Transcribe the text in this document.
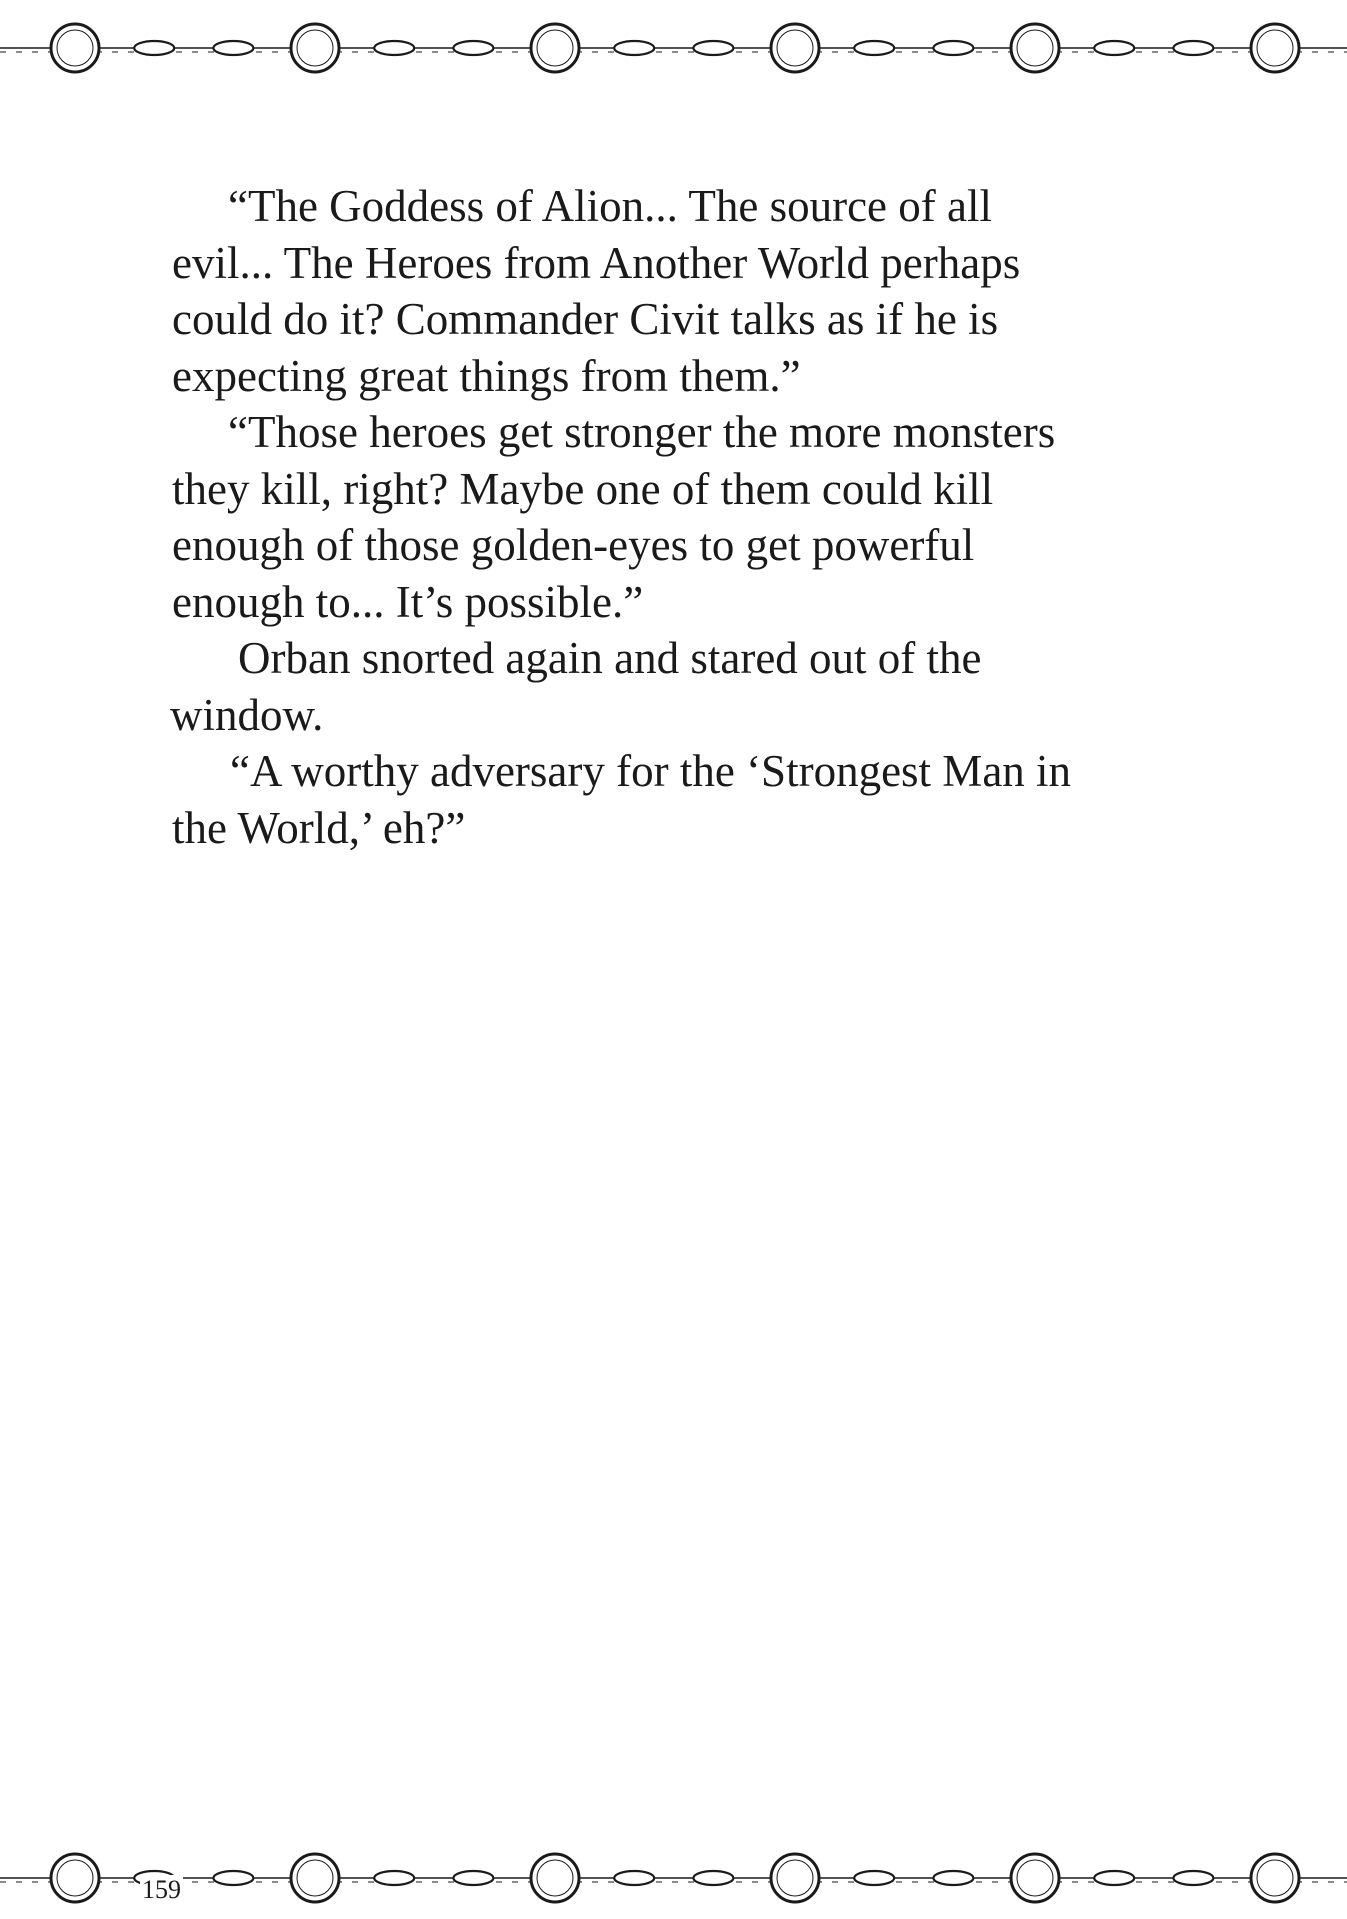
“The Goddess of Alion... The source of all
evil... The Heroes from Another World perhaps
could do it? Commander Civit talks as if he is
expecting great things from them.”

“Those heroes get stronger the more monsters
they kill, right? Maybe one of them could kill
enough of those golden-eyes to get powerful
enough to... It’s possible.”

Orban snorted again and stared out of the
window.

“A worthy adversary for the ‘Strongest Man in
the World,’ eh?”

159
